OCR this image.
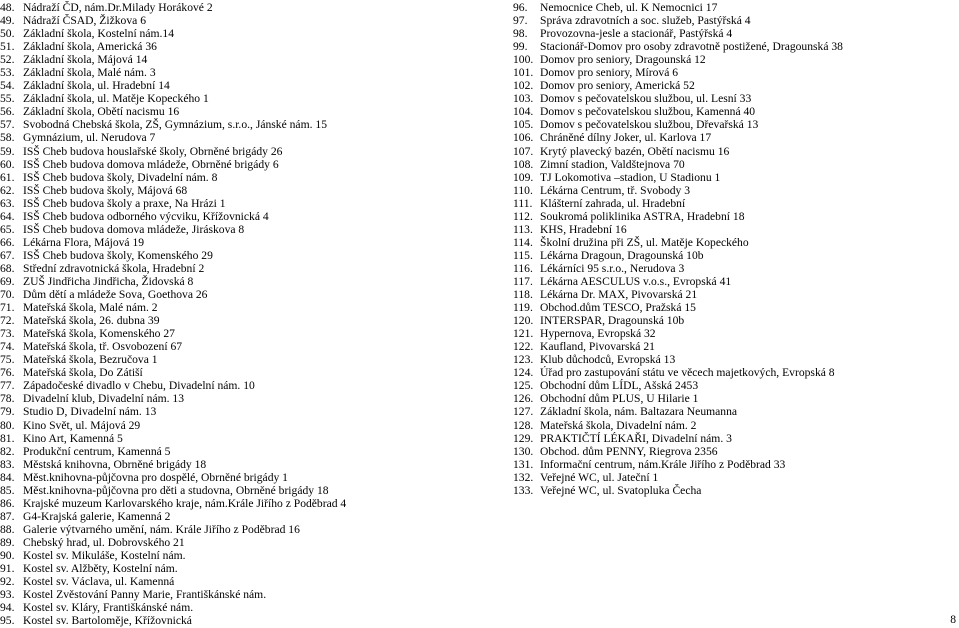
48. Nádraží ČD, nám.Dr.Milady Horákové 2
49. Nádraží ČSAD, Žižkova 6
50. Základní škola, Kostelní nám.14
51. Základní škola, Americká 36
52. Základní škola, Májová 14
53. Základní škola, Malé nám. 3
54. Základní škola, ul. Hradební 14
55. Základní škola, ul. Matěje Kopeckého 1
56. Základní škola, Obětí nacismu 16
57. Svobodná Chebská škola, ZŠ, Gymnázium, s.r.o., Jánské nám. 15
58. Gymnázium, ul. Nerudova 7
59. ISŠ Cheb budova houslařské školy, Obrněné brigády 26
60. ISŠ Cheb budova domova mládeže, Obrněné brigády 6
61. ISŠ Cheb budova školy, Divadelní nám. 8
62. ISŠ Cheb budova školy, Májová 68
63. ISŠ Cheb budova školy a praxe, Na Hrázi 1
64. ISŠ Cheb budova odborného výcviku, Křížovnická 4
65. ISŠ Cheb budova domova mládeže, Jiráskova 8
66. Lékárna Flora, Májová 19
67. ISŠ Cheb budova školy, Komenského 29
68. Střední zdravotnická škola, Hradební 2
69. ZUŠ Jindřicha Jindřicha, Židovská 8
70. Dům dětí a mládeže Sova, Goethova 26
71. Mateřská škola, Malé nám. 2
72. Mateřská škola, 26. dubna 39
73. Mateřská škola, Komenského 27
74. Mateřská škola, tř. Osvobození 67
75. Mateřská škola, Bezručova 1
76. Mateřská škola, Do Zátiší
77. Západočeské divadlo v Chebu, Divadelní nám. 10
78. Divadelní klub, Divadelní nám. 13
79. Studio D, Divadelní nám. 13
80. Kino Svět, ul. Májová 29
81. Kino Art, Kamenná 5
82. Produkční centrum, Kamenná 5
83. Městská knihovna, Obrněné brigády 18
84. Měst.knihovna-půjčovna pro dospělé, Obrněné brigády 1
85. Měst.knihovna-půjčovna pro děti a studovna, Obrněné brigády 18
86. Krajské muzeum Karlovarského kraje, nám.Krále Jiřího z Poděbrad 4
87. G4-Krajská galerie, Kamenná 2
88. Galerie výtvarného umění, nám. Krále Jiřího z Poděbrad 16
89. Chebský hrad, ul. Dobrovského 21
90. Kostel sv. Mikuláše, Kostelní nám.
91. Kostel sv. Alžběty, Kostelní nám.
92. Kostel sv. Václava, ul. Kamenná
93. Kostel Zvěstování Panny Marie, Františkánské nám.
94. Kostel sv. Kláry, Františkánské nám.
95. Kostel sv. Bartoloměje, Křížovnická
96. Nemocnice Cheb, ul. K Nemocnici 17
97. Správa zdravotních a soc. služeb, Pastýřská 4
98. Provozovna-jesle a stacionář, Pastýřská 4
99. Stacionář-Domov pro osoby zdravotně postižené, Dragounská 38
100. Domov pro seniory, Dragounská 12
101. Domov pro seniory, Mírová 6
102. Domov pro seniory, Americká 52
103. Domov s pečovatelskou službou, ul. Lesní 33
104. Domov s pečovatelskou službou, Kamenná 40
105. Domov s pečovatelskou službou, Dřevařská 13
106. Chráněné dílny Joker, ul. Karlova 17
107. Krytý plavecký bazén, Obětí nacismu 16
108. Zimní stadion, Valdštejnova 70
109. TJ Lokomotiva –stadion, U Stadionu 1
110. Lékárna Centrum, tř. Svobody 3
111. Klášterní zahrada, ul. Hradební
112. Soukromá poliklinika ASTRA, Hradební 18
113. KHS, Hradební 16
114. Školní družina při ZŠ, ul. Matěje Kopeckého
115. Lékárna Dragoun, Dragounská 10b
116. Lékárníci 95 s.r.o., Nerudova 3
117. Lékárna AESCULUS v.o.s., Evropská 41
118. Lékárna Dr. MAX, Pivovarská 21
119. Obchod.dům TESCO, Pražská 15
120. INTERSPAR, Dragounská 10b
121. Hypernova, Evropská 32
122. Kaufland, Pivovarská 21
123. Klub důchodců, Evropská 13
124. Úřad pro zastupování státu ve věcech majetkových, Evropská 8
125. Obchodní dům LÍDL, Ašská 2453
126. Obchodní dům PLUS, U Hilarie 1
127. Základní škola, nám. Baltazara Neumanna
128. Mateřská škola, Divadelní nám. 2
129. PRAKTIČTÍ LÉKAŘI, Divadelní nám. 3
130. Obchod. dům PENNY, Riegrova 2356
131. Informační centrum, nám.Krále Jiřího z Poděbrad 33
132. Veřejné WC, ul. Jateční 1
133. Veřejné WC, ul. Svatopluka Čecha
8
